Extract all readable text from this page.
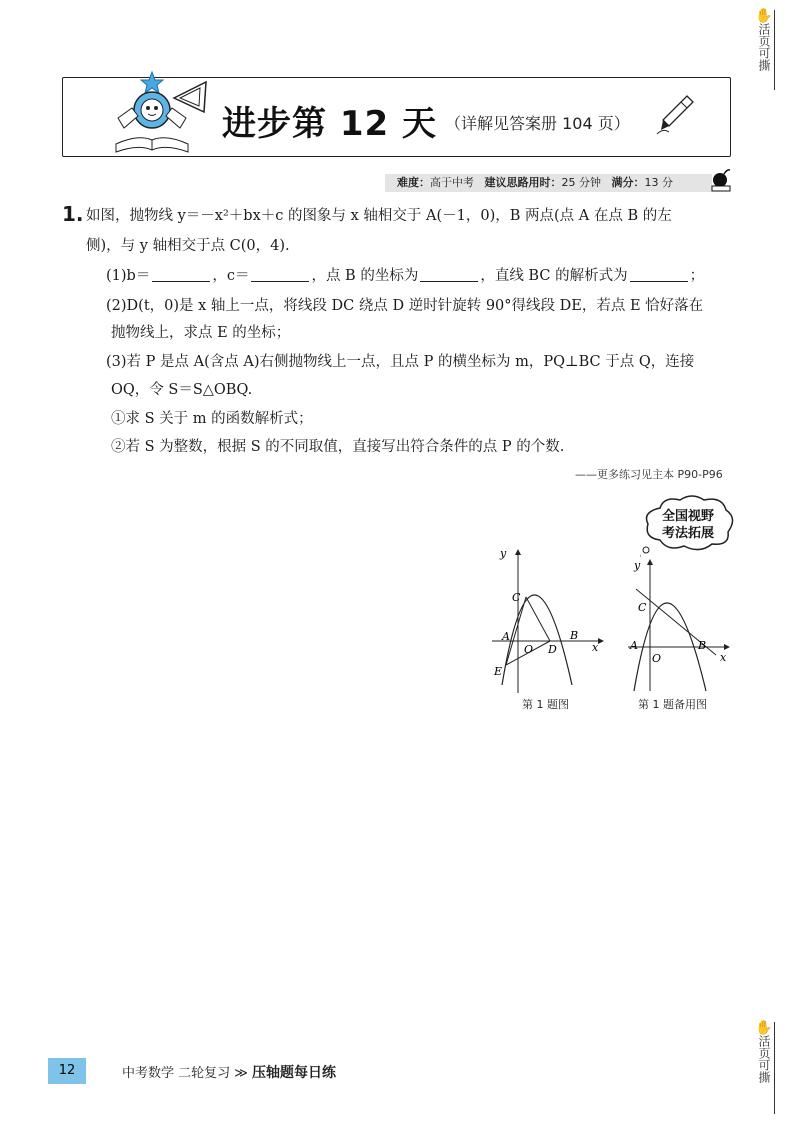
✋
活页可撕
✋
活页可撕
进步第 12 天 （详解见答案册 104 页）
难度：高于中考 建议思路用时：25 分钟 满分：13 分
1. 如图，抛物线 y＝－x²＋bx＋c 的图象与 x 轴相交于 A(－1，0)，B 两点(点 A 在点 B 的左
侧)，与 y 轴相交于点 C(0，4).
(1)b＝	，c＝	，点 B 的坐标为	，直线 BC 的解析式为	；
(2)D(t，0)是 x 轴上一点，将线段 DC 绕点 D 逆时针旋转 90°得线段 DE，若点 E 恰好落在
抛物线上，求点 E 的坐标；
(3)若 P 是点 A(含点 A)右侧抛物线上一点，且点 P 的横坐标为 m，PQ⊥BC 于点 Q，连接
OQ，令 S＝S△OBQ.
①求 S 关于 m 的函数解析式；
②若 S 为整数，根据 S 的不同取值，直接写出符合条件的点 P 的个数.
——更多练习见主本 P90-P96
全国视野
考法拓展
y
x
C
A	B
O D
E
第 1 题图
y
x
C
A	B
O
第 1 题备用图
12	中考数学 二轮复习 ≫ 压轴题每日练
